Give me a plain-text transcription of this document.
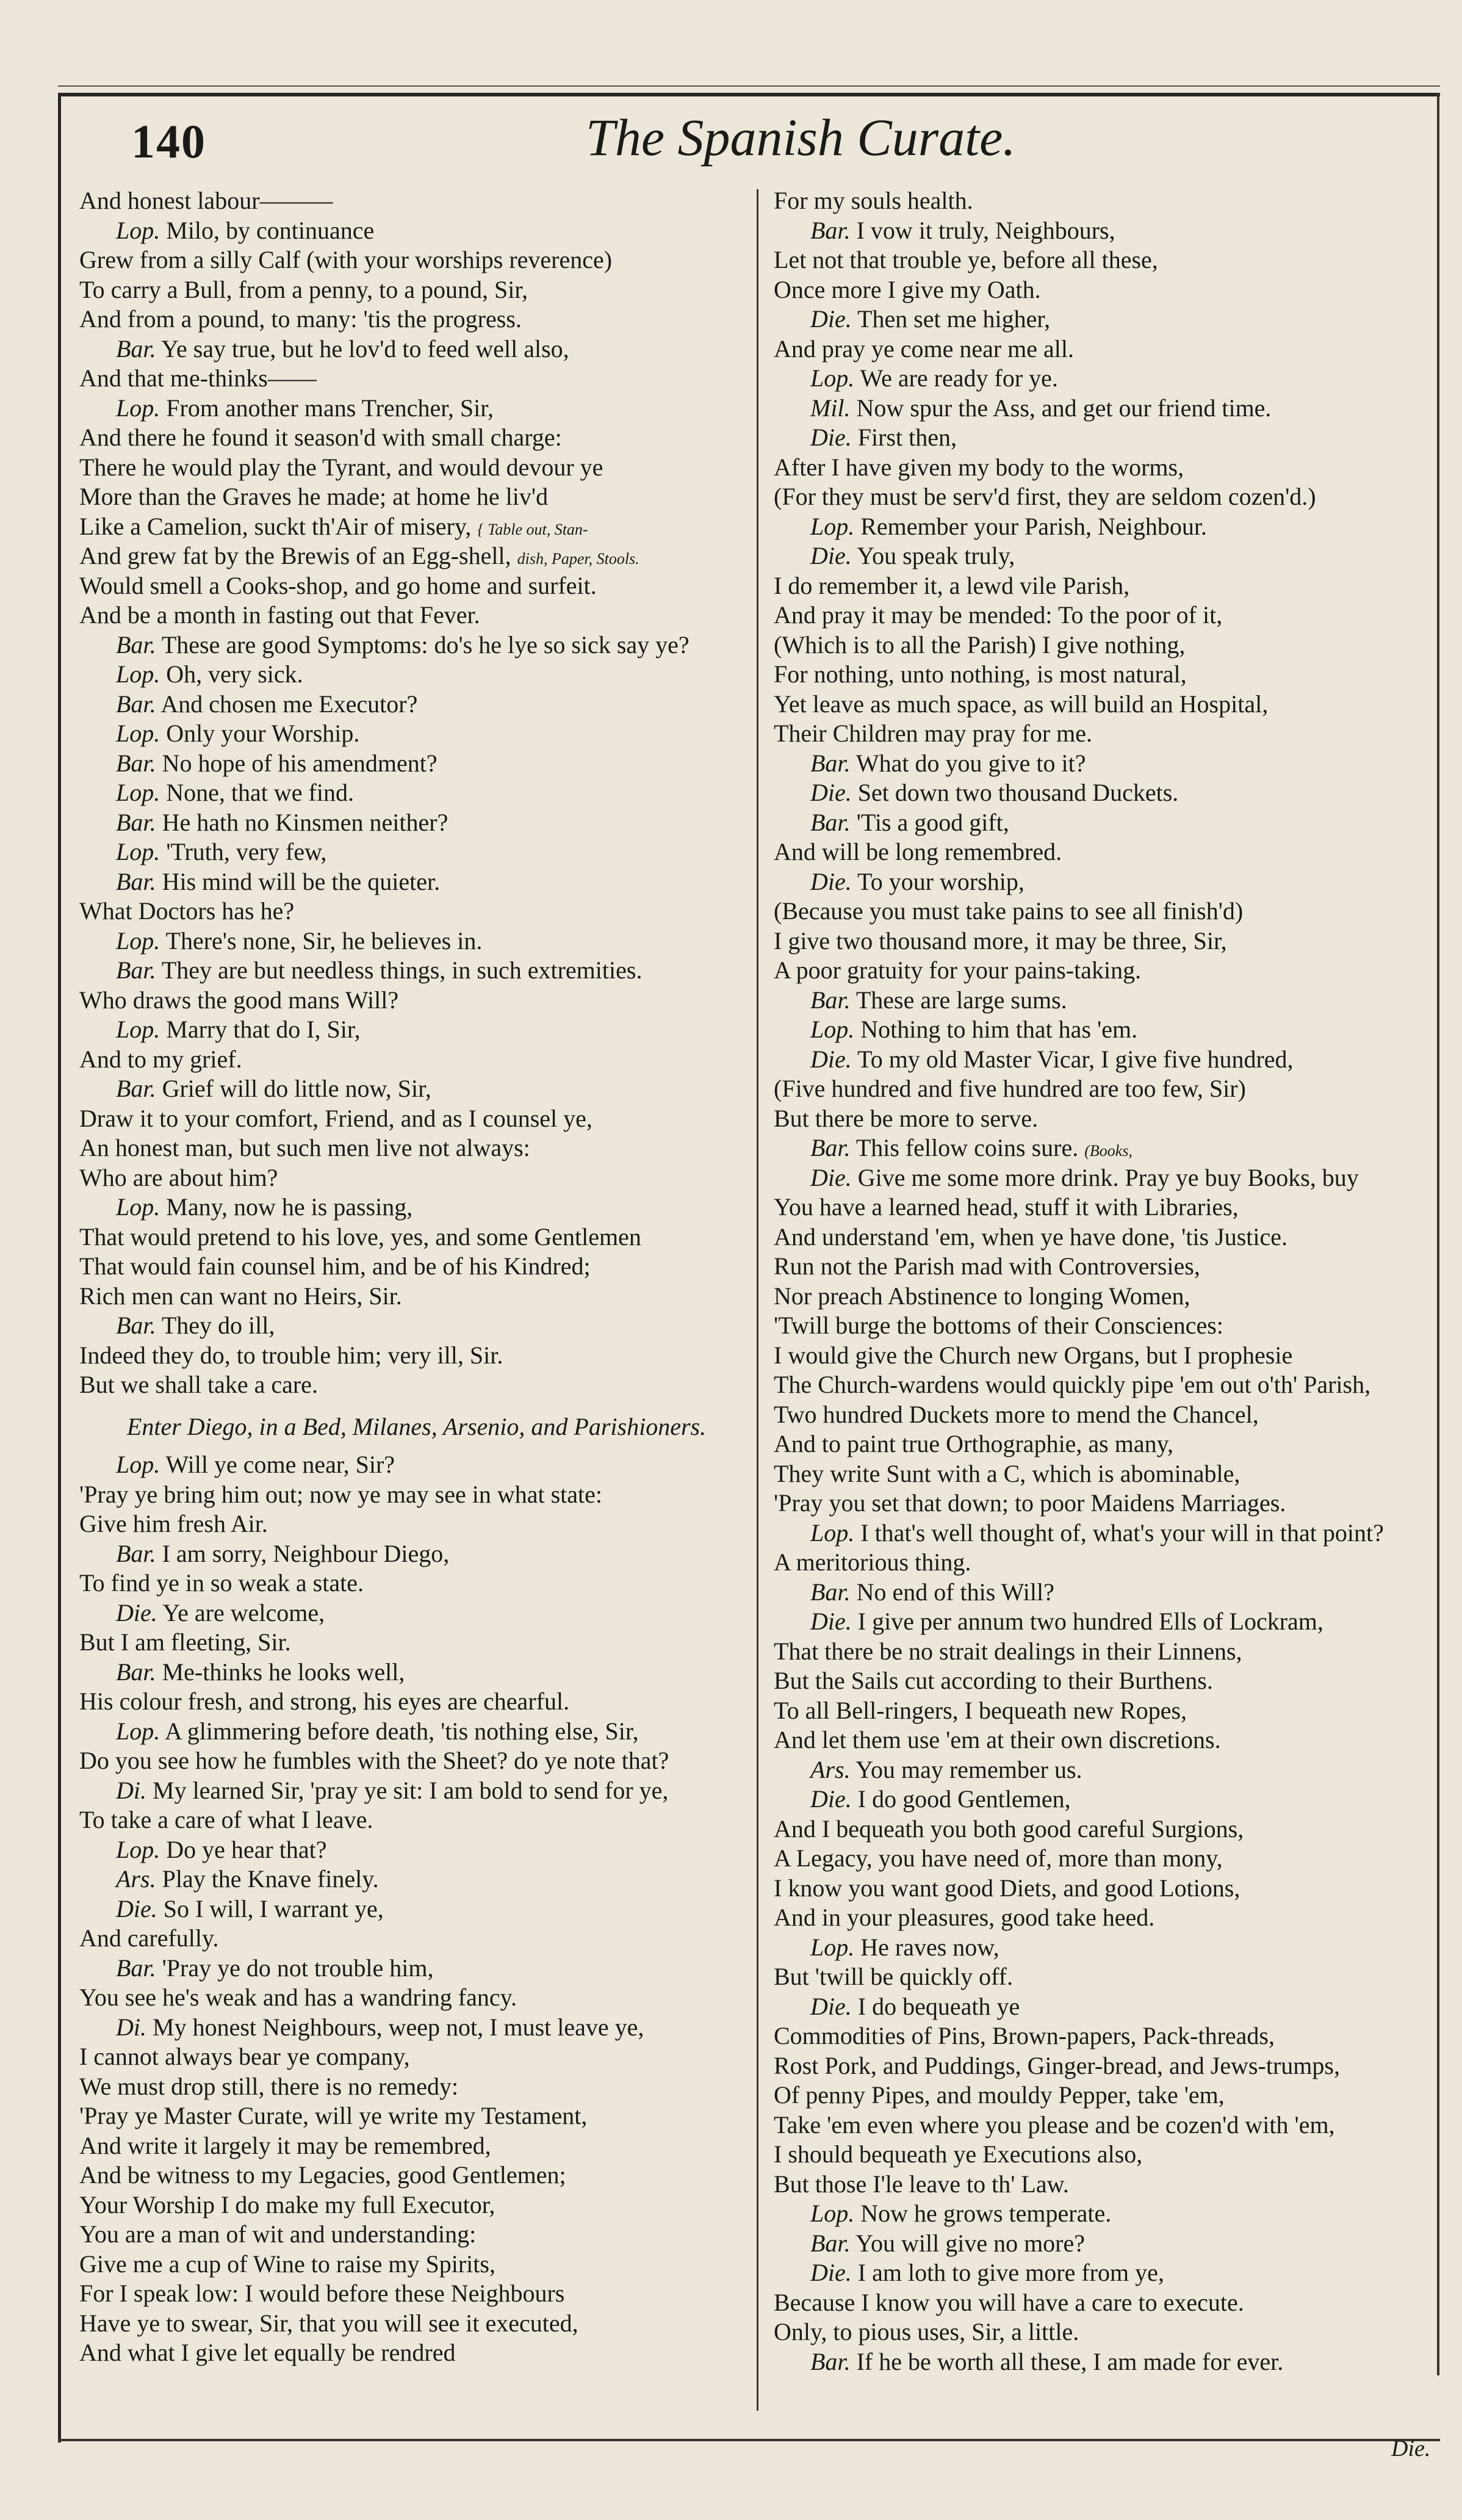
140	The Spanish Curate.
And honest labour———
Lop. Milo, by continuance
Grew from a silly Calf (with your worships reverence)
To carry a Bull, from a penny, to a pound, Sir,
And from a pound, to many: 'tis the progress.
Bar. Ye say true, but he lov'd to feed well also,
And that me-thinks——
Lop. From another mans Trencher, Sir,
And there he found it season'd with small charge:
There he would play the Tyrant, and would devour ye
More than the Graves he made; at home he liv'd
Like a Camelion, suckt th'Air of misery, { Table out, Stan-
And grew fat by the Brewis of an Egg-shell, dish, Paper, Stools.
Would smell a Cooks-shop, and go home and surfeit.
And be a month in fasting out that Fever.
Bar. These are good Symptoms: do's he lye so sick say ye?
Lop. Oh, very sick.
Bar. And chosen me Executor?
Lop. Only your Worship.
Bar. No hope of his amendment?
Lop. None, that we find.
Bar. He hath no Kinsmen neither?
Lop. 'Truth, very few,
Bar. His mind will be the quieter.
What Doctors has he?
Lop. There's none, Sir, he believes in.
Bar. They are but needless things, in such extremities.
Who draws the good mans Will?
Lop. Marry that do I, Sir,
And to my grief.
Bar. Grief will do little now, Sir,
Draw it to your comfort, Friend, and as I counsel ye,
An honest man, but such men live not always:
Who are about him?
Lop. Many, now he is passing,
That would pretend to his love, yes, and some Gentlemen
That would fain counsel him, and be of his Kindred;
Rich men can want no Heirs, Sir.
Bar. They do ill,
Indeed they do, to trouble him; very ill, Sir.
But we shall take a care.
Enter Diego, in a Bed, Milanes, Arsenio, and Parishioners.
Lop. Will ye come near, Sir?
'Pray ye bring him out; now ye may see in what state:
Give him fresh Air.
Bar. I am sorry, Neighbour Diego,
To find ye in so weak a state.
Die. Ye are welcome,
But I am fleeting, Sir.
Bar. Me-thinks he looks well,
His colour fresh, and strong, his eyes are chearful.
Lop. A glimmering before death, 'tis nothing else, Sir,
Do you see how he fumbles with the Sheet? do ye note that?
Di. My learned Sir, 'pray ye sit: I am bold to send for ye,
To take a care of what I leave.
Lop. Do ye hear that?
Ars. Play the Knave finely.
Die. So I will, I warrant ye,
And carefully.
Bar. 'Pray ye do not trouble him,
You see he's weak and has a wandring fancy.
Di. My honest Neighbours, weep not, I must leave ye,
I cannot always bear ye company,
We must drop still, there is no remedy:
'Pray ye Master Curate, will ye write my Testament,
And write it largely it may be remembred,
And be witness to my Legacies, good Gentlemen;
Your Worship I do make my full Executor,
You are a man of wit and understanding:
Give me a cup of Wine to raise my Spirits,
For I speak low: I would before these Neighbours
Have ye to swear, Sir, that you will see it executed,
And what I give let equally be rendred
For my souls health.
Bar. I vow it truly, Neighbours,
Let not that trouble ye, before all these,
Once more I give my Oath.
Die. Then set me higher,
And pray ye come near me all.
Lop. We are ready for ye.
Mil. Now spur the Ass, and get our friend time.
Die. First then,
After I have given my body to the worms,
(For they must be serv'd first, they are seldom cozen'd.)
Lop. Remember your Parish, Neighbour.
Die. You speak truly,
I do remember it, a lewd vile Parish,
And pray it may be mended: To the poor of it,
(Which is to all the Parish) I give nothing,
For nothing, unto nothing, is most natural,
Yet leave as much space, as will build an Hospital,
Their Children may pray for me.
Bar. What do you give to it?
Die. Set down two thousand Duckets.
Bar. 'Tis a good gift,
And will be long remembred.
Die. To your worship,
(Because you must take pains to see all finish'd)
I give two thousand more, it may be three, Sir,
A poor gratuity for your pains-taking.
Bar. These are large sums.
Lop. Nothing to him that has 'em.
Die. To my old Master Vicar, I give five hundred,
(Five hundred and five hundred are too few, Sir)
But there be more to serve.
Bar. This fellow coins sure. (Books,
Die. Give me some more drink. Pray ye buy Books, buy
You have a learned head, stuff it with Libraries,
And understand 'em, when ye have done, 'tis Justice.
Run not the Parish mad with Controversies,
Nor preach Abstinence to longing Women,
'Twill burge the bottoms of their Consciences:
I would give the Church new Organs, but I prophesie
The Church-wardens would quickly pipe 'em out o'th' Parish,
Two hundred Duckets more to mend the Chancel,
And to paint true Orthographie, as many,
They write Sunt with a C, which is abominable,
'Pray you set that down; to poor Maidens Marriages.
Lop. I that's well thought of, what's your will in that point?
A meritorious thing.
Bar. No end of this Will?
Die. I give per annum two hundred Ells of Lockram,
That there be no strait dealings in their Linnens,
But the Sails cut according to their Burthens.
To all Bell-ringers, I bequeath new Ropes,
And let them use 'em at their own discretions.
Ars. You may remember us.
Die. I do good Gentlemen,
And I bequeath you both good careful Surgions,
A Legacy, you have need of, more than mony,
I know you want good Diets, and good Lotions,
And in your pleasures, good take heed.
Lop. He raves now,
But 'twill be quickly off.
Die. I do bequeath ye
Commodities of Pins, Brown-papers, Pack-threads,
Rost Pork, and Puddings, Ginger-bread, and Jews-trumps,
Of penny Pipes, and mouldy Pepper, take 'em,
Take 'em even where you please and be cozen'd with 'em,
I should bequeath ye Executions also,
But those I'le leave to th' Law.
Lop. Now he grows temperate.
Bar. You will give no more?
Die. I am loth to give more from ye,
Because I know you will have a care to execute.
Only, to pious uses, Sir, a little.
Bar. If he be worth all these, I am made for ever.
Die.
